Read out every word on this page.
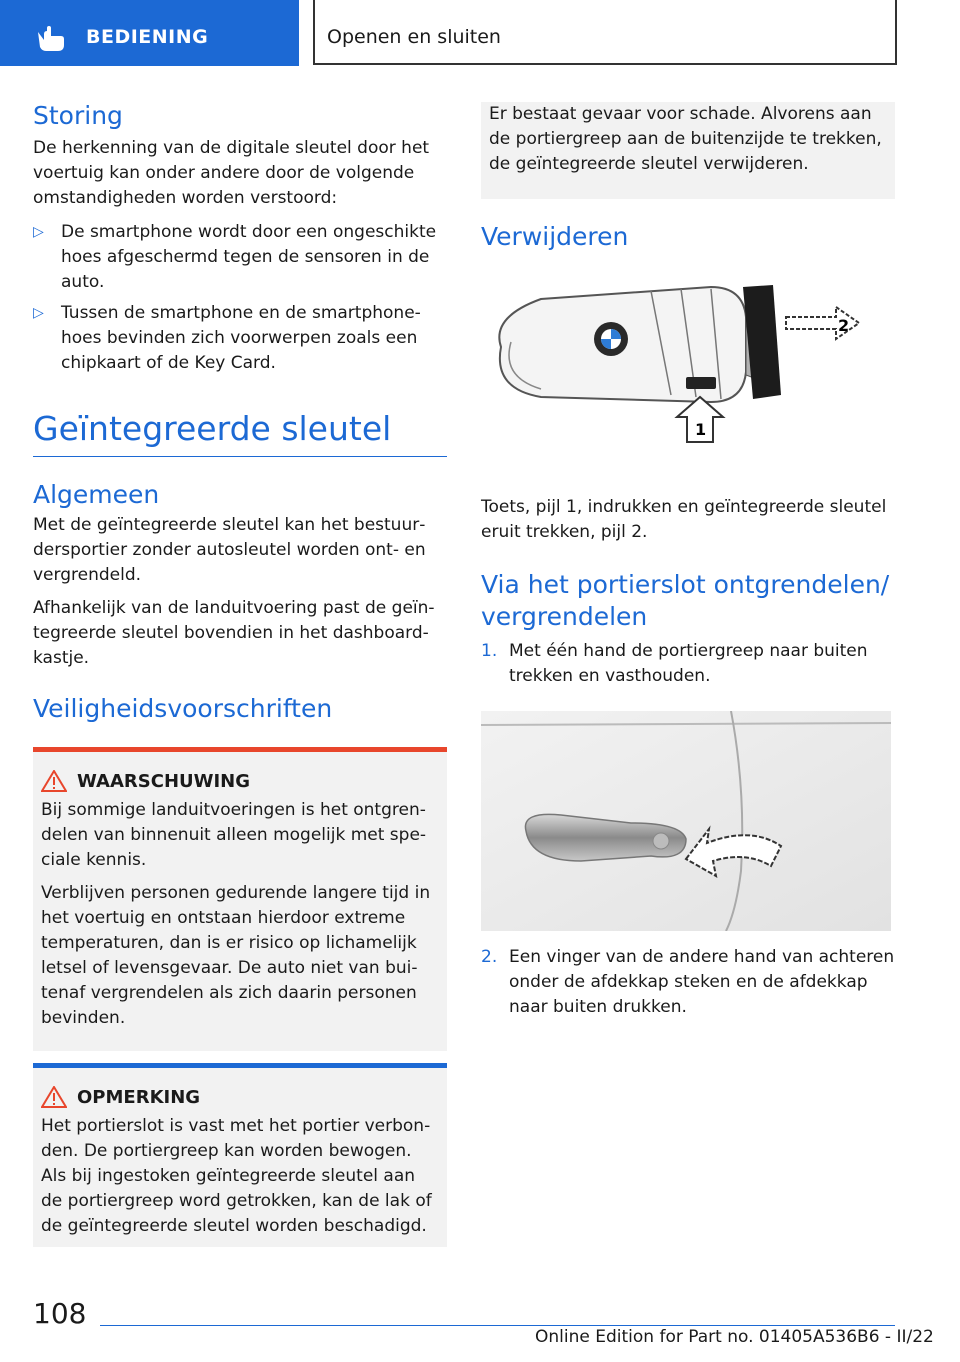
BEDIENING	Openen en sluiten
Storing

De herkenning van de digitale sleutel door het voertuig kan onder andere door de volgende omstandigheden worden verstoord:

▷ De smartphone wordt door een ongeschikte hoes afgeschermd tegen de sensoren in de auto.
▷ Tussen de smartphone en de smartphonehoes bevinden zich voorwerpen zoals een chipkaart of de Key Card.
Geïntegreerde sleutel
Algemeen

Met de geïntegreerde sleutel kan het bestuurdersportier zonder autosleutel worden ont- en vergrendeld.

Afhankelijk van de landuitvoering past de geïntegreerde sleutel bovendien in het dashboardkastje.

Veiligheidsvoorschriften
WAARSCHUWING

Bij sommige landuitvoeringen is het ontgrendelen van binnenuit alleen mogelijk met speciale kennis.

Verblijven personen gedurende langere tijd in het voertuig en ontstaan hierdoor extreme temperaturen, dan is er risico op lichamelijk letsel of levensgevaar. De auto niet van buitenaf vergrendelen als zich daarin personen bevinden.

OPMERKING

Het portierslot is vast met het portier verbonden. De portiergreep kan worden bewogen. Als bij ingestoken geïntegreerde sleutel aan de portiergreep word getrokken, kan de lak of de geïntegreerde sleutel worden beschadigd.

Er bestaat gevaar voor schade. Alvorens aan de portiergreep aan de buitenzijde te trekken, de geïntegreerde sleutel verwijderen.

Verwijderen
2
1

Toets, pijl 1, indrukken en geïntegreerde sleutel eruit trekken, pijl 2.

Via het portierslot ontgrendelen/ vergrendelen
1. Met één hand de portiergreep naar buiten trekken en vasthouden.
2. Een vinger van de andere hand van achteren onder de afdekkap steken en de afdekkap naar buiten drukken.
108
Online Edition for Part no. 01405A536B6 - II/22
